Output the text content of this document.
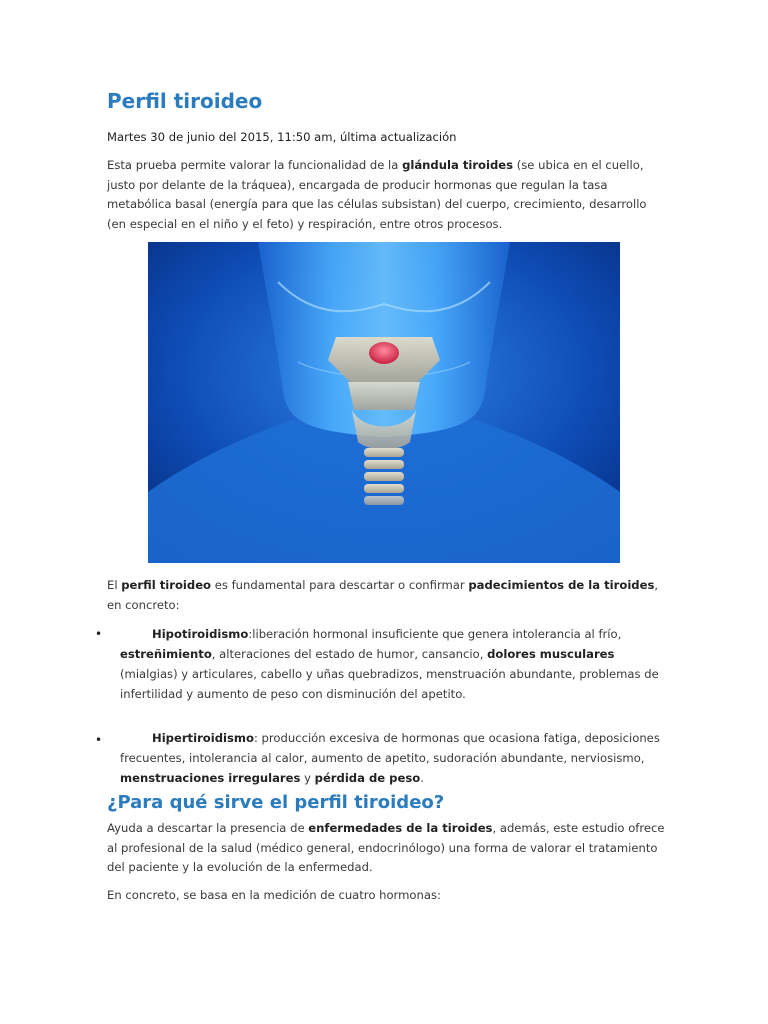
Perfil tiroideo

Martes 30 de junio del 2015, 11:50 am, última actualización

Esta prueba permite valorar la funcionalidad de la glándula tiroides (se ubica en el cuello, justo por delante de la tráquea), encargada de producir hormonas que regulan la tasa metabólica basal (energía para que las células subsistan) del cuerpo, crecimiento, desarrollo (en especial en el niño y el feto) y respiración, entre otros procesos.

El perfil tiroideo es fundamental para descartar o confirmar padecimientos de la tiroides, en concreto:

•	Hipotiroidismo:liberación hormonal insuficiente que genera intolerancia al frío, estreñimiento, alteraciones del estado de humor, cansancio, dolores musculares (mialgias) y articulares, cabello y uñas quebradizos, menstruación abundante, problemas de infertilidad y aumento de peso con disminución del apetito.

•	Hipertiroidismo: producción excesiva de hormonas que ocasiona fatiga, deposiciones frecuentes, intolerancia al calor, aumento de apetito, sudoración abundante, nerviosismo, menstruaciones irregulares y pérdida de peso.

¿Para qué sirve el perfil tiroideo?

Ayuda a descartar la presencia de enfermedades de la tiroides, además, este estudio ofrece al profesional de la salud (médico general, endocrinólogo) una forma de valorar el tratamiento del paciente y la evolución de la enfermedad.

En concreto, se basa en la medición de cuatro hormonas:
